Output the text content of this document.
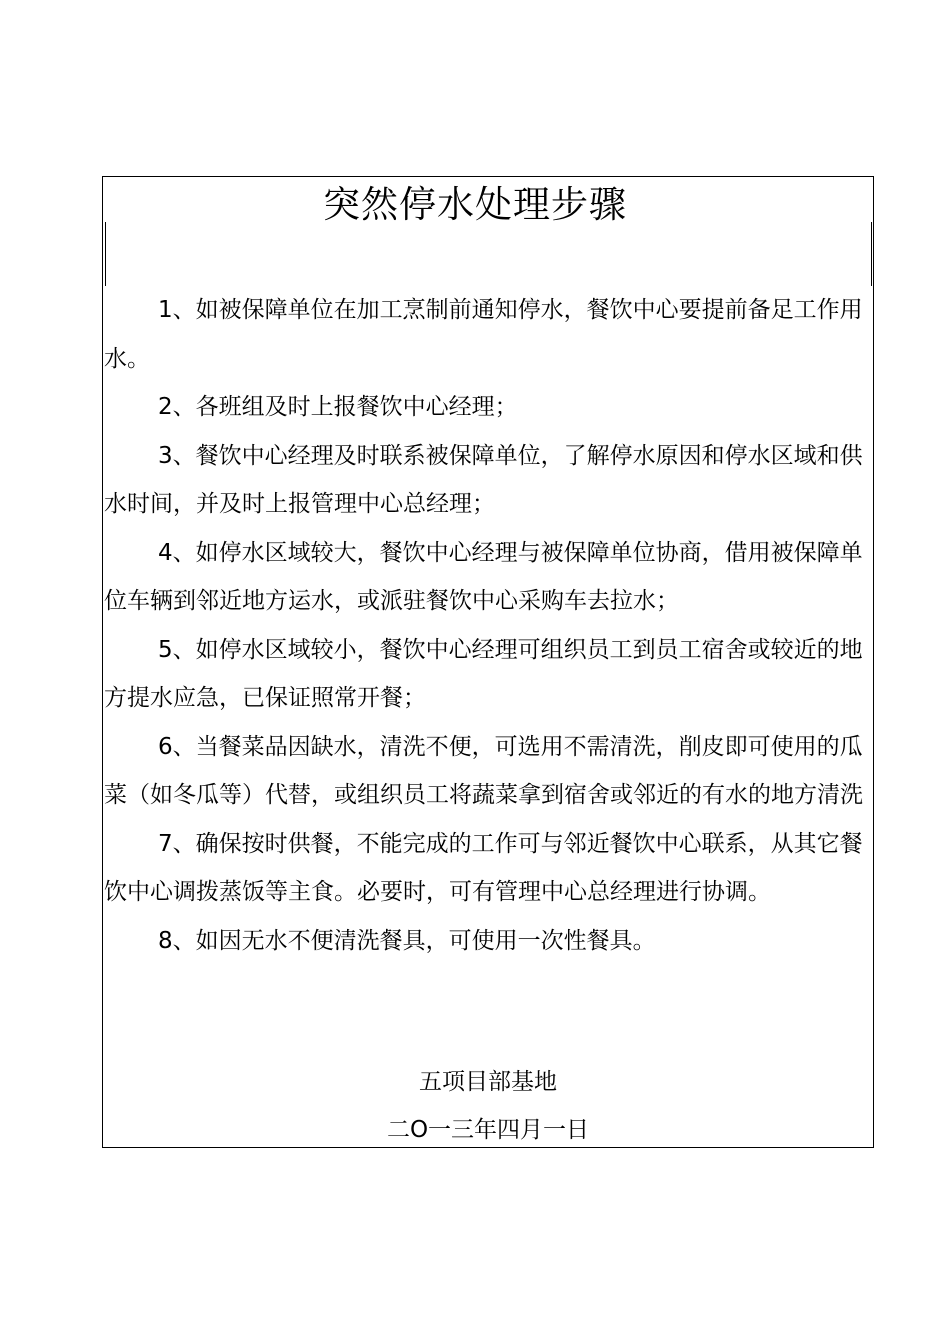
突然停水处理步骤

1、如被保障单位在加工烹制前通知停水，餐饮中心要提前备足工作用水。

2、各班组及时上报餐饮中心经理；

3、餐饮中心经理及时联系被保障单位，了解停水原因和停水区域和供水时间，并及时上报管理中心总经理；

4、如停水区域较大，餐饮中心经理与被保障单位协商，借用被保障单位车辆到邻近地方运水，或派驻餐饮中心采购车去拉水；

5、如停水区域较小，餐饮中心经理可组织员工到员工宿舍或较近的地方提水应急，已保证照常开餐；

6、当餐菜品因缺水，清洗不便，可选用不需清洗，削皮即可使用的瓜菜（如冬瓜等）代替，或组织员工将蔬菜拿到宿舍或邻近的有水的地方清洗

7、确保按时供餐，不能完成的工作可与邻近餐饮中心联系，从其它餐饮中心调拨蒸饭等主食。必要时，可有管理中心总经理进行协调。

8、如因无水不便清洗餐具，可使用一次性餐具。

五项目部基地
二O一三年四月一日
